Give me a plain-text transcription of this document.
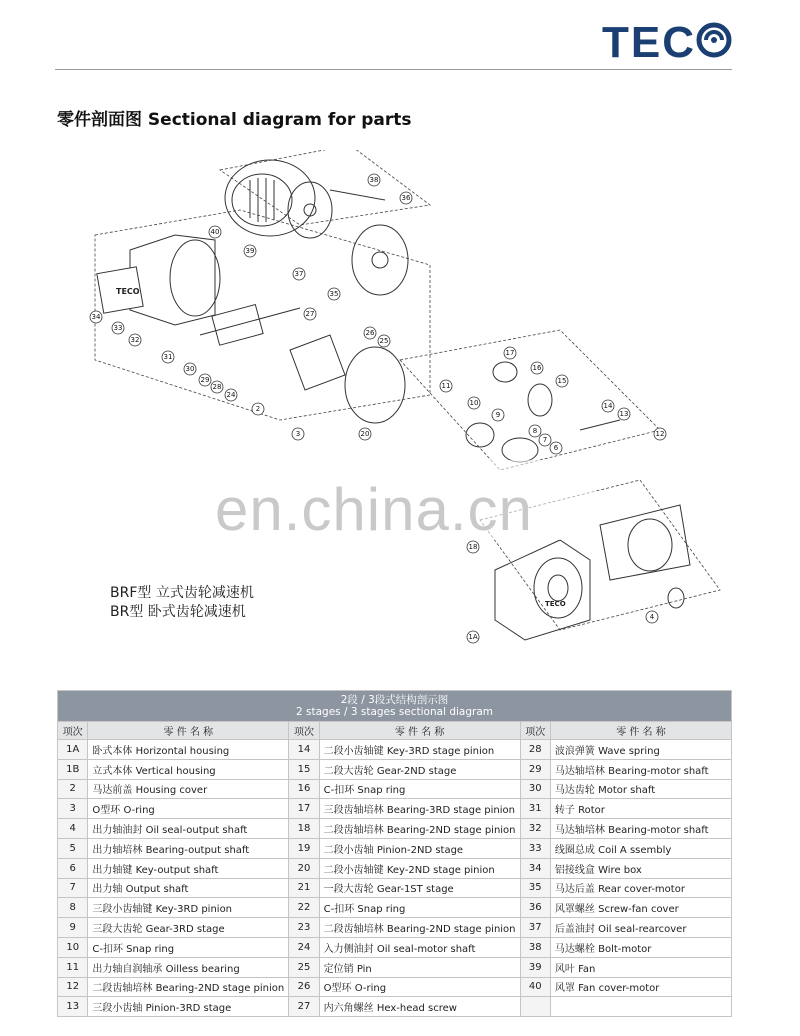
TEC
零件剖面图 Sectional diagram for parts
TECO
TECO
40
38
36
39
37
35
34
33
32
31
30
29
28
24
27
26
25
2
3	20
17
16
15
11
10
9
14
13
8
7
6
12
18
4
1A
en.china.cn
BRF型 立式齿轮减速机
BR型 卧式齿轮减速机
2段 / 3段式结构剖示图
2 stages / 3 stages sectional diagram					

项次	零 件 名 称	项次	零 件 名 称	项次	零 件 名 称
1A	卧式本体 Horizontal housing	14	二段小齿轴键 Key-3RD stage pinion	28	波浪弹簧 Wave spring
1B	立式本体 Vertical housing	15	二段大齿轮 Gear-2ND stage	29	马达轴培林 Bearing-motor shaft
2	马达前盖 Housing cover	16	C-扣环 Snap ring	30	马达齿轮 Motor shaft
3	O型环 O-ring	17	三段齿轴培林 Bearing-3RD stage pinion	31	转子 Rotor
4	出力轴油封 Oil seal-output shaft	18	二段齿轴培林 Bearing-2ND stage pinion	32	马达轴培林 Bearing-motor shaft
5	出力轴培林 Bearing-output shaft	19	二段小齿轴 Pinion-2ND stage	33	线圈总成 Coil A ssembly
6	出力轴键 Key-output shaft	20	二段小齿轴键 Key-2ND stage pinion	34	铝接线盒 Wire box
7	出力轴 Output shaft	21	一段大齿轮 Gear-1ST stage	35	马达后盖 Rear cover-motor
8	三段小齿轴键 Key-3RD pinion	22	C-扣环 Snap ring	36	风罩螺丝 Screw-fan cover
9	三段大齿轮 Gear-3RD stage	23	二段齿轴培林 Bearing-2ND stage pinion	37	后盖油封 Oil seal-rearcover
10	C-扣环 Snap ring	24	入力侧油封 Oil seal-motor shaft	38	马达螺栓 Bolt-motor
11	出力轴自润轴承 Oilless bearing	25	定位销 Pin	39	风叶 Fan
12	二段齿轴培林 Bearing-2ND stage pinion	26	O型环 O-ring	40	风罩 Fan cover-motor
13	三段小齿轴 Pinion-3RD stage	27	内六角螺丝 Hex-head screw		
